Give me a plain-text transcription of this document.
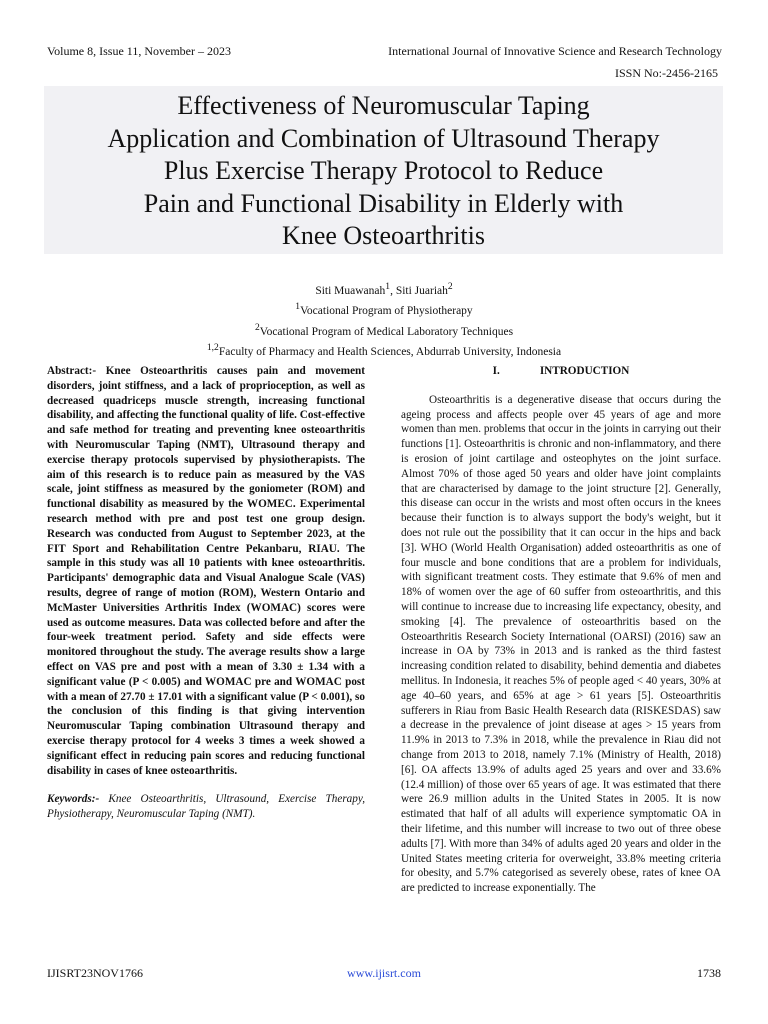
Volume 8, Issue 11, November – 2023	International Journal of Innovative Science and Research Technology
ISSN No:-2456-2165
Effectiveness of Neuromuscular Taping
Application and Combination of Ultrasound Therapy
Plus Exercise Therapy Protocol to Reduce
Pain and Functional Disability in Elderly with
Knee Osteoarthritis
Siti Muawanah$^1$, Siti Juariah$^2$
$^1$Vocational Program of Physiotherapy
$^2$Vocational Program of Medical Laboratory Techniques
$^{1,2}$Faculty of Pharmacy and Health Sciences, Abdurrab University, Indonesia
Abstract:- Knee Osteoarthritis causes pain and movement disorders, joint stiffness, and a lack of proprioception, as well as decreased quadriceps muscle strength, increasing functional disability, and affecting the functional quality of life. Cost-effective and safe method for treating and preventing knee osteoarthritis with Neuromuscular Taping (NMT), Ultrasound therapy and exercise therapy protocols supervised by physiotherapists. The aim of this research is to reduce pain as measured by the VAS scale, joint stiffness as measured by the goniometer (ROM) and functional disability as measured by the WOMEC. Experimental research method with pre and post test one group design. Research was conducted from August to September 2023, at the FIT Sport and Rehabilitation Centre Pekanbaru, RIAU. The sample in this study was all 10 patients with knee osteoarthritis. Participants' demographic data and Visual Analogue Scale (VAS) results, degree of range of motion (ROM), Western Ontario and McMaster Universities Arthritis Index (WOMAC) scores were used as outcome measures. Data was collected before and after the four-week treatment period. Safety and side effects were monitored throughout the study. The average results show a large effect on VAS pre and post with a mean of 3.30 ± 1.34 with a significant value (P < 0.005) and WOMAC pre and WOMAC post with a mean of 27.70 ± 17.01 with a significant value (P < 0.001), so the conclusion of this finding is that giving intervention Neuromuscular Taping combination Ultrasound therapy and exercise therapy protocol for 4 weeks 3 times a week showed a significant effect in reducing pain scores and reducing functional disability in cases of knee osteoarthritis.
Keywords:- Knee Osteoarthritis, Ultrasound, Exercise Therapy, Physiotherapy, Neuromuscular Taping (NMT).
I.	INTRODUCTION
Osteoarthritis is a degenerative disease that occurs during the ageing process and affects people over 45 years of age and more women than men. problems that occur in the joints in carrying out their functions [1]. Osteoarthritis is chronic and non-inflammatory, and there is erosion of joint cartilage and osteophytes on the joint surface. Almost 70% of those aged 50 years and older have joint complaints that are characterised by damage to the joint structure [2]. Generally, this disease can occur in the wrists and most often occurs in the knees because their function is to always support the body's weight, but it does not rule out the possibility that it can occur in the hips and back [3]. WHO (World Health Organisation) added osteoarthritis as one of four muscle and bone conditions that are a problem for individuals, with significant treatment costs. They estimate that 9.6% of men and 18% of women over the age of 60 suffer from osteoarthritis, and this will continue to increase due to increasing life expectancy, obesity, and smoking [4]. The prevalence of osteoarthritis based on the Osteoarthritis Research Society International (OARSI) (2016) saw an increase in OA by 73% in 2013 and is ranked as the third fastest increasing condition related to disability, behind dementia and diabetes mellitus. In Indonesia, it reaches 5% of people aged < 40 years, 30% at age 40–60 years, and 65% at age > 61 years [5]. Osteoarthritis sufferers in Riau from Basic Health Research data (RISKESDAS) saw a decrease in the prevalence of joint disease at ages > 15 years from 11.9% in 2013 to 7.3% in 2018, while the prevalence in Riau did not change from 2013 to 2018, namely 7.1% (Ministry of Health, 2018) [6]. OA affects 13.9% of adults aged 25 years and over and 33.6% (12.4 million) of those over 65 years of age. It was estimated that there were 26.9 million adults in the United States in 2005. It is now estimated that half of all adults will experience symptomatic OA in their lifetime, and this number will increase to two out of three obese adults [7]. With more than 34% of adults aged 20 years and older in the United States meeting criteria for overweight, 33.8% meeting criteria for obesity, and 5.7% categorised as severely obese, rates of knee OA are predicted to increase exponentially. The
IJISRT23NOV1766	www.ijisrt.com	1738
